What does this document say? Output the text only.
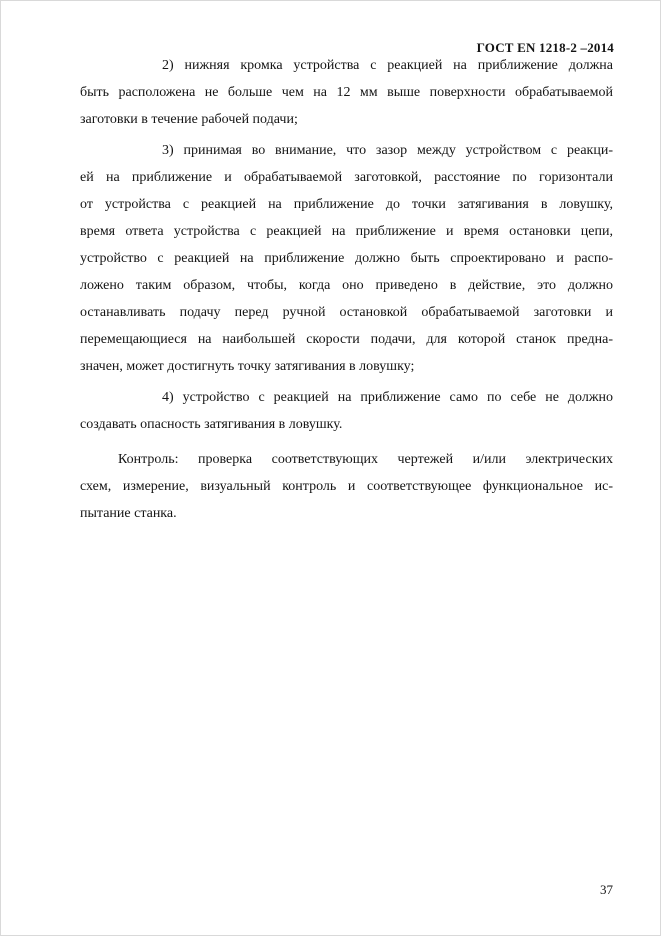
ГОСТ EN 1218-2 –2014
2) нижняя кромка устройства с реакцией на приближение должна
быть расположена не больше чем на 12 мм выше поверхности обрабатываемой
заготовки в течение рабочей подачи;
3) принимая во внимание, что зазор между устройством с реакци-
ей на приближение и обрабатываемой заготовкой, расстояние по горизонтали
от устройства с реакцией на приближение до точки затягивания в ловушку,
время ответа устройства с реакцией на приближение и время остановки цепи,
устройство с реакцией на приближение должно быть спроектировано и распо-
ложено таким образом, чтобы, когда оно приведено в действие, это должно
останавливать подачу перед ручной остановкой обрабатываемой заготовки и
перемещающиеся на наибольшей скорости подачи, для которой станок предна-
значен, может достигнуть точку затягивания в ловушку;
4) устройство с реакцией на приближение само по себе не должно
создавать опасность затягивания в ловушку.
Контроль: проверка соответствующих чертежей и/или электрических
схем, измерение, визуальный контроль и соответствующее функциональное ис-
пытание станка.
37
